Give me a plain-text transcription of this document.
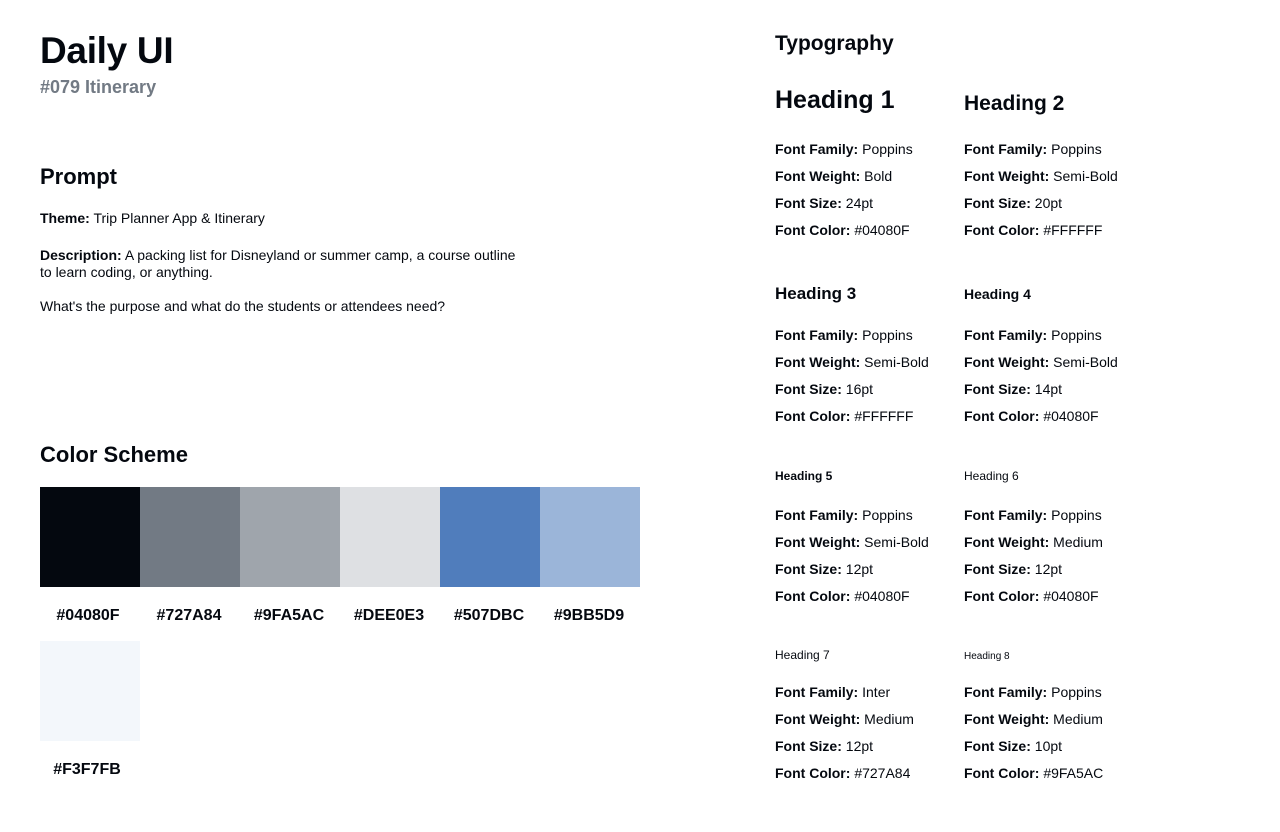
Daily UI

#079 Itinerary

Prompt

Theme: Trip Planner App & Itinerary

Description: A packing list for Disneyland or summer camp, a course outline to learn coding, or anything.

What's the purpose and what do the students or attendees need?

Color Scheme
#04080F	#727A84	#9FA5AC	#DEE0E3	#507DBC	#9BB5D9
#F3F7FB
Typography

Heading 1

Font Family: Poppins

Font Weight: Bold

Font Size: 24pt

Font Color: #04080F

Heading 2

Font Family: Poppins

Font Weight: Semi-Bold

Font Size: 20pt

Font Color: #FFFFFF

Heading 3

Font Family: Poppins

Font Weight: Semi-Bold

Font Size: 16pt

Font Color: #FFFFFF

Heading 4

Font Family: Poppins

Font Weight: Semi-Bold

Font Size: 14pt

Font Color: #04080F

Heading 5

Font Family: Poppins

Font Weight: Semi-Bold

Font Size: 12pt

Font Color: #04080F

Heading 6

Font Family: Poppins

Font Weight: Medium

Font Size: 12pt

Font Color: #04080F

Heading 7

Font Family: Inter

Font Weight: Medium

Font Size: 12pt

Font Color: #727A84

Heading 8

Font Family: Poppins

Font Weight: Medium

Font Size: 10pt

Font Color: #9FA5AC
